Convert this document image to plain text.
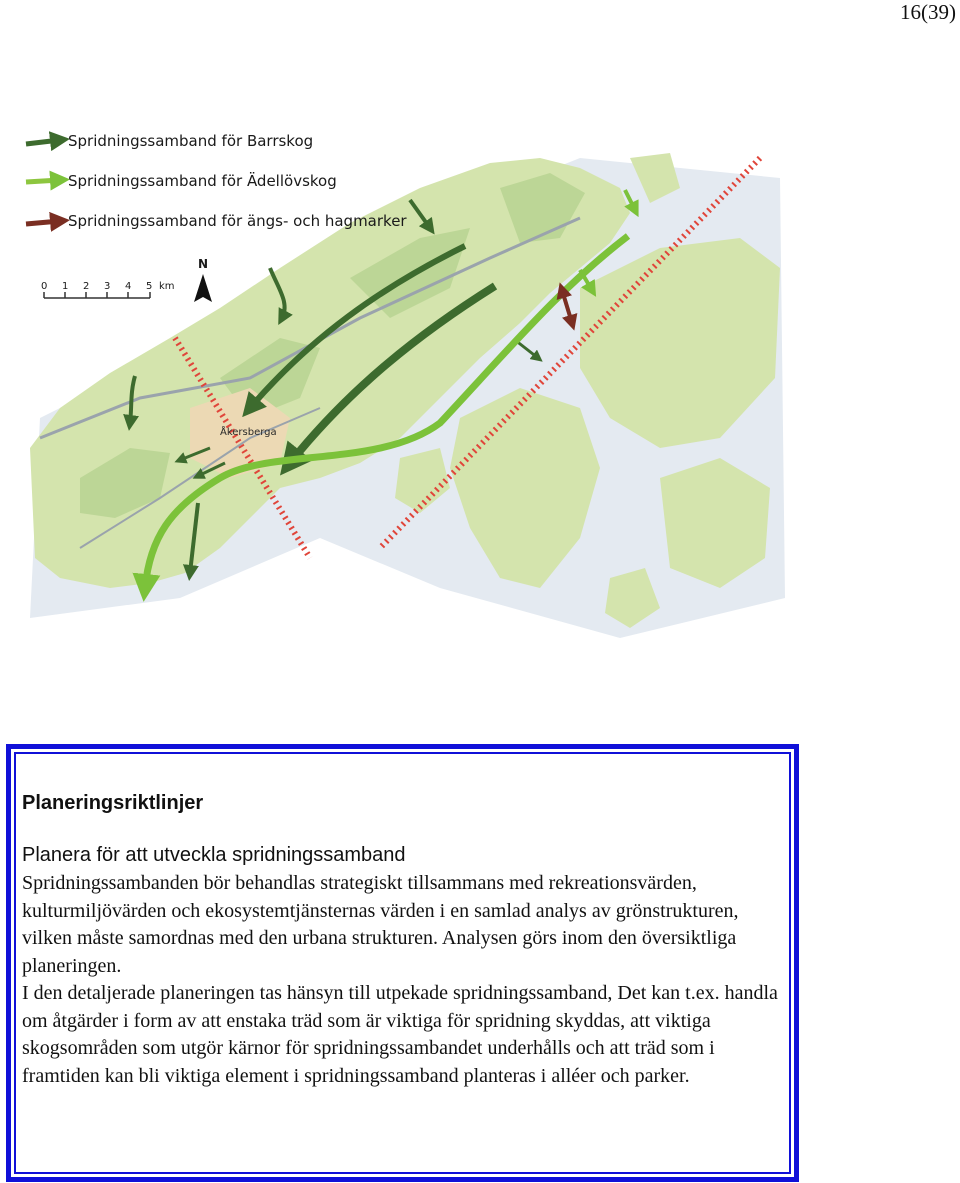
16(39)
Åkersberga
Spridningssamband för Barrskog
Spridningssamband för Ädellövskog
Spridningssamband för ängs- och hagmarker
0 1 2 3 4 5 km
N

Planeringsriktlinjer

Planera för att utveckla spridningssamband

Spridningssambanden bör behandlas strategiskt tillsammans med rekreationsvärden, kulturmiljövärden och ekosystemtjänsternas värden i en samlad analys av grönstrukturen, vilken måste samordnas med den urbana strukturen. Analysen görs inom den översiktliga planeringen.

I den detaljerade planeringen tas hänsyn till utpekade spridningssamband, Det kan t.ex. handla om åtgärder i form av att enstaka träd som är viktiga för spridning skyddas, att viktiga skogsområden som utgör kärnor för spridningssambandet underhålls och att träd som i framtiden kan bli viktiga element i spridningssamband planteras i alléer och parker.
